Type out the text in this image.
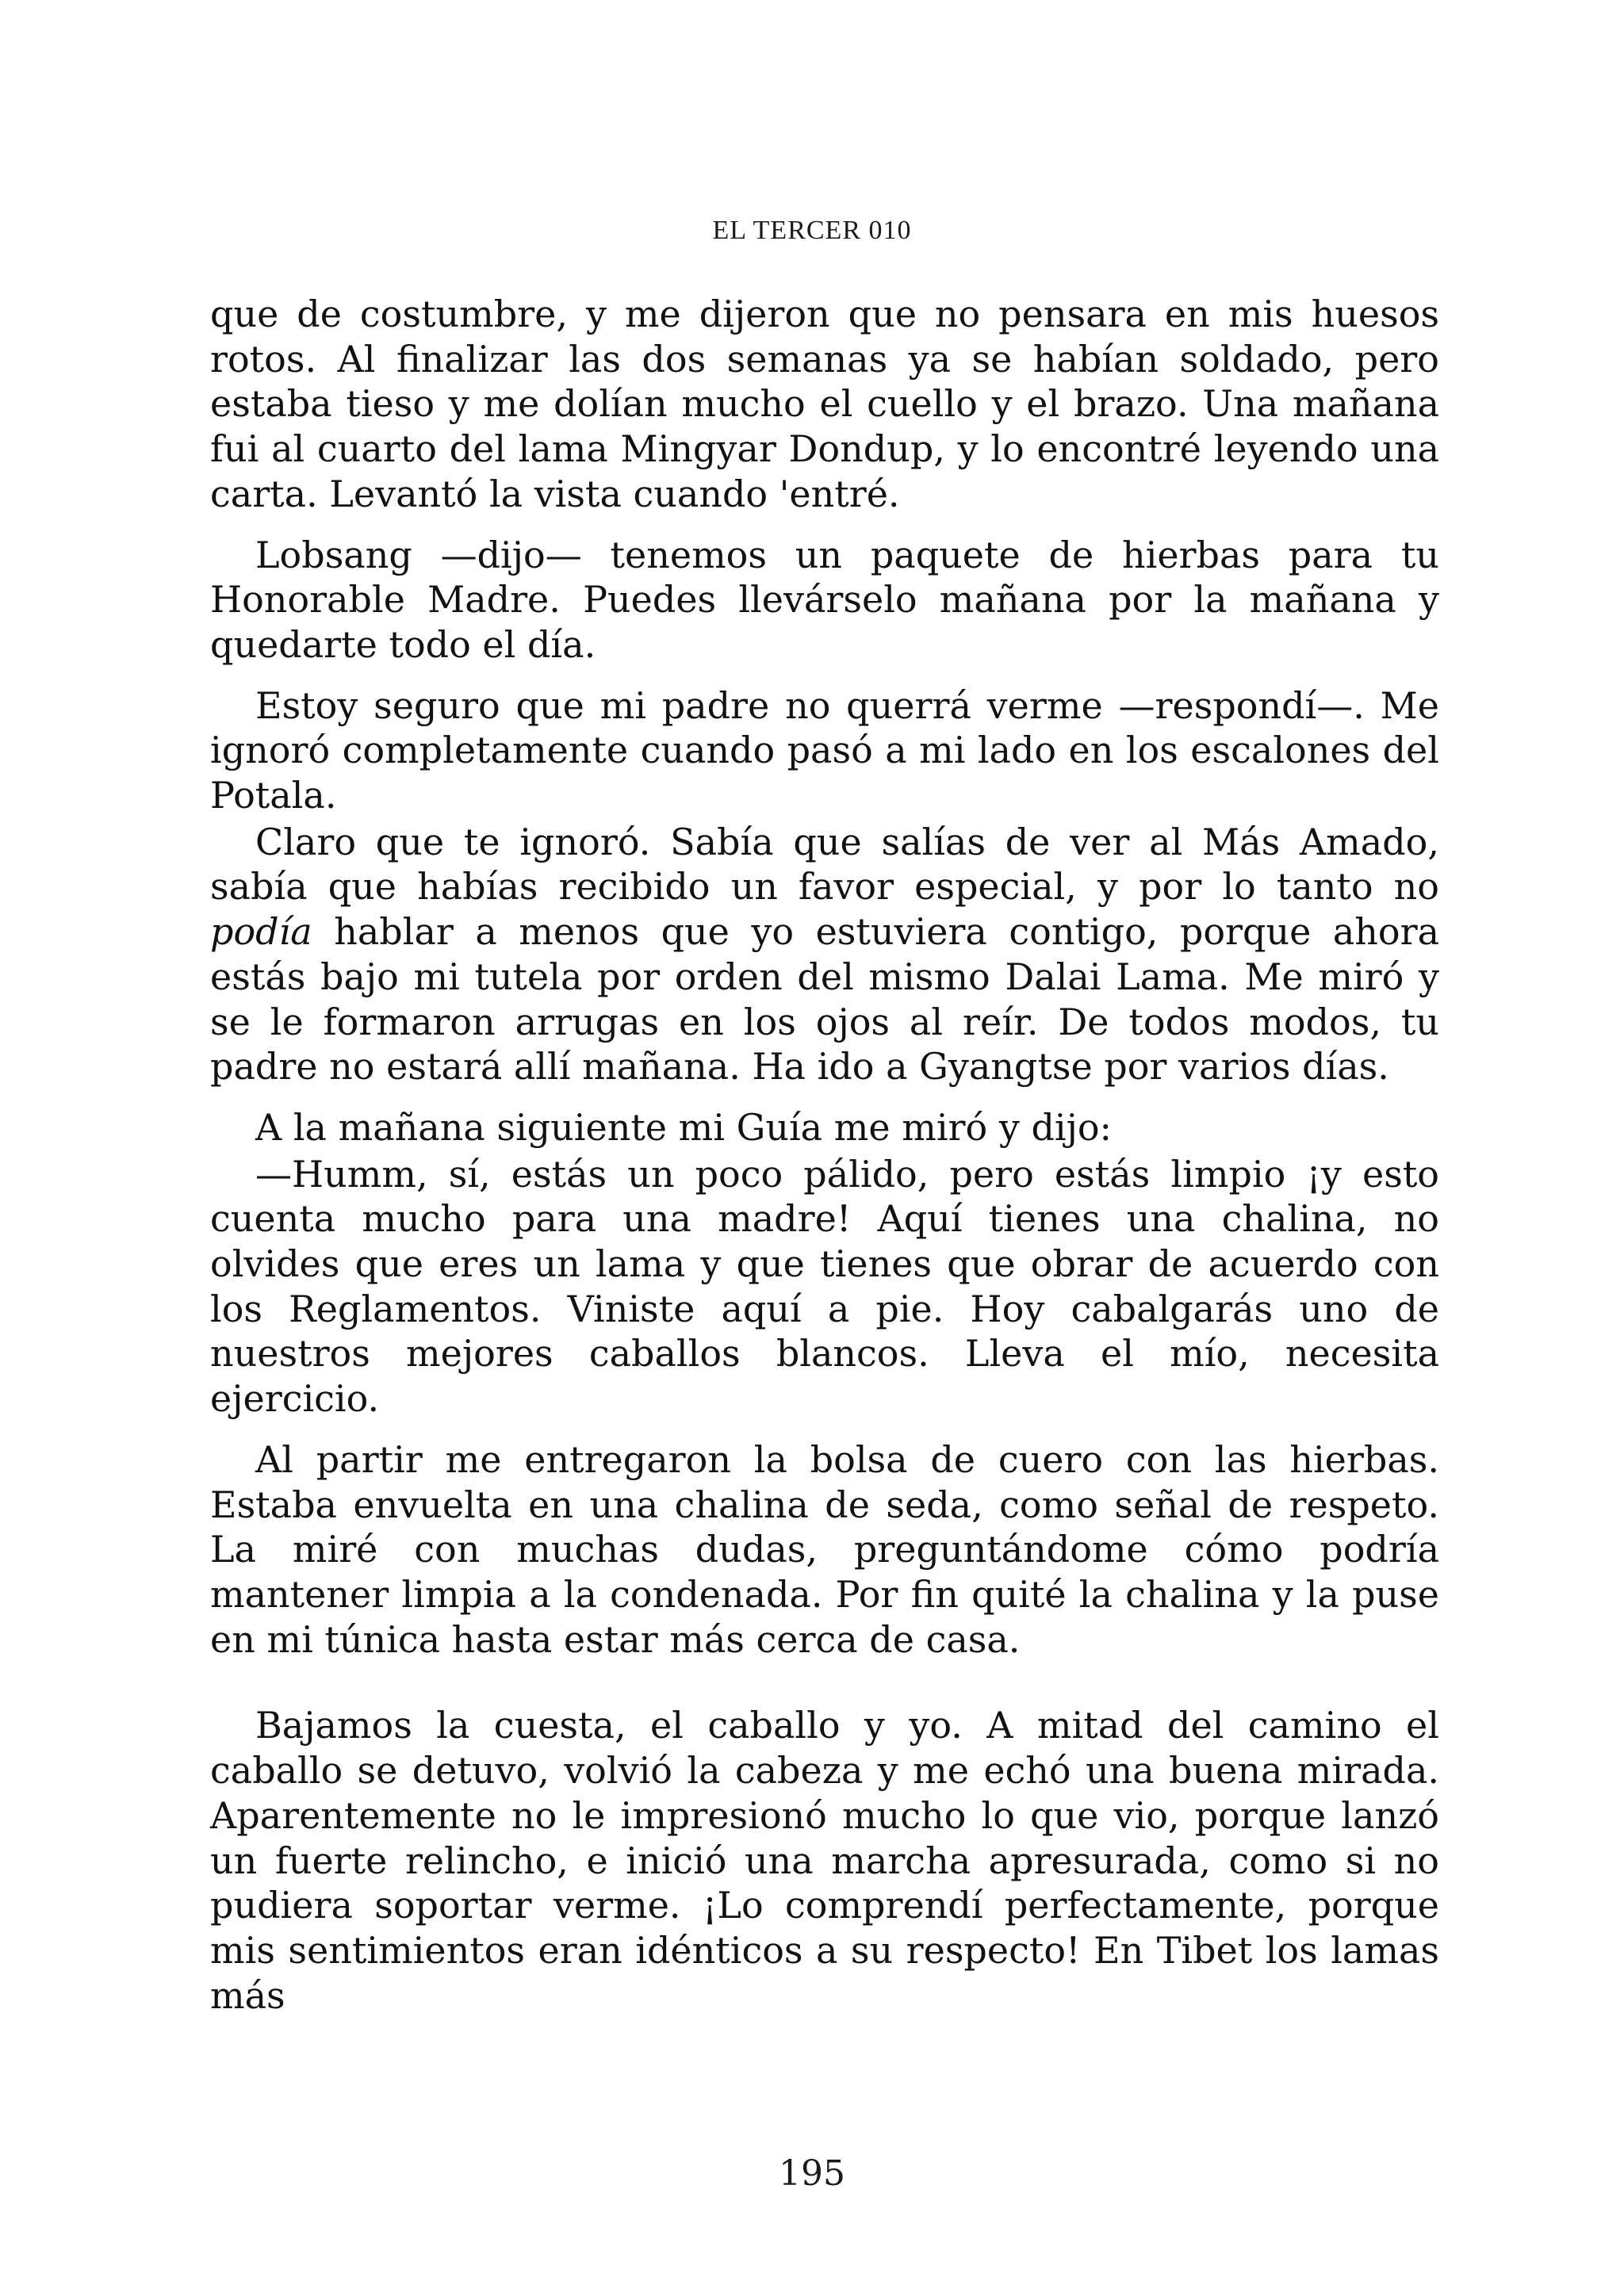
EL TERCER 010

que de costumbre, y me dijeron que no pensara en mis huesos rotos. Al finalizar las dos semanas ya se habían soldado, pero estaba tieso y me dolían mucho el cuello y el brazo. Una mañana fui al cuarto del lama Mingyar Dondup, y lo encontré leyendo una carta. Levantó la vista cuando 'entré.

Lobsang —dijo— tenemos un paquete de hierbas para tu Honorable Madre. Puedes llevárselo mañana por la mañana y quedarte todo el día.

Estoy seguro que mi padre no querrá verme —respondí—. Me ignoró completamente cuando pasó a mi lado en los escalones del Potala.

Claro que te ignoró. Sabía que salías de ver al Más Amado, sabía que habías recibido un favor especial, y por lo tanto no podía hablar a menos que yo estuviera contigo, porque ahora estás bajo mi tutela por orden del mismo Dalai Lama. Me miró y se le formaron arrugas en los ojos al reír. De todos modos, tu padre no estará allí mañana. Ha ido a Gyangtse por varios días.

A la mañana siguiente mi Guía me miró y dijo:

—Humm, sí, estás un poco pálido, pero estás limpio ¡y esto cuenta mucho para una madre! Aquí tienes una chalina, no olvides que eres un lama y que tienes que obrar de acuerdo con los Reglamentos. Viniste aquí a pie. Hoy cabalgarás uno de nuestros mejores caballos blancos. Lleva el mío, necesita ejercicio.

Al partir me entregaron la bolsa de cuero con las hierbas. Estaba envuelta en una chalina de seda, como señal de respeto. La miré con muchas dudas, preguntándome cómo podría mantener limpia a la condenada. Por fin quité la chalina y la puse en mi túnica hasta estar más cerca de casa.

Bajamos la cuesta, el caballo y yo. A mitad del camino el caballo se detuvo, volvió la cabeza y me echó una buena mirada. Aparentemente no le impresionó mucho lo que vio, porque lanzó un fuerte relincho, e inició una marcha apresurada, como si no pudiera soportar verme. ¡Lo comprendí perfectamente, porque mis sentimientos eran idénticos a su respecto! En Tibet los lamas más

195
